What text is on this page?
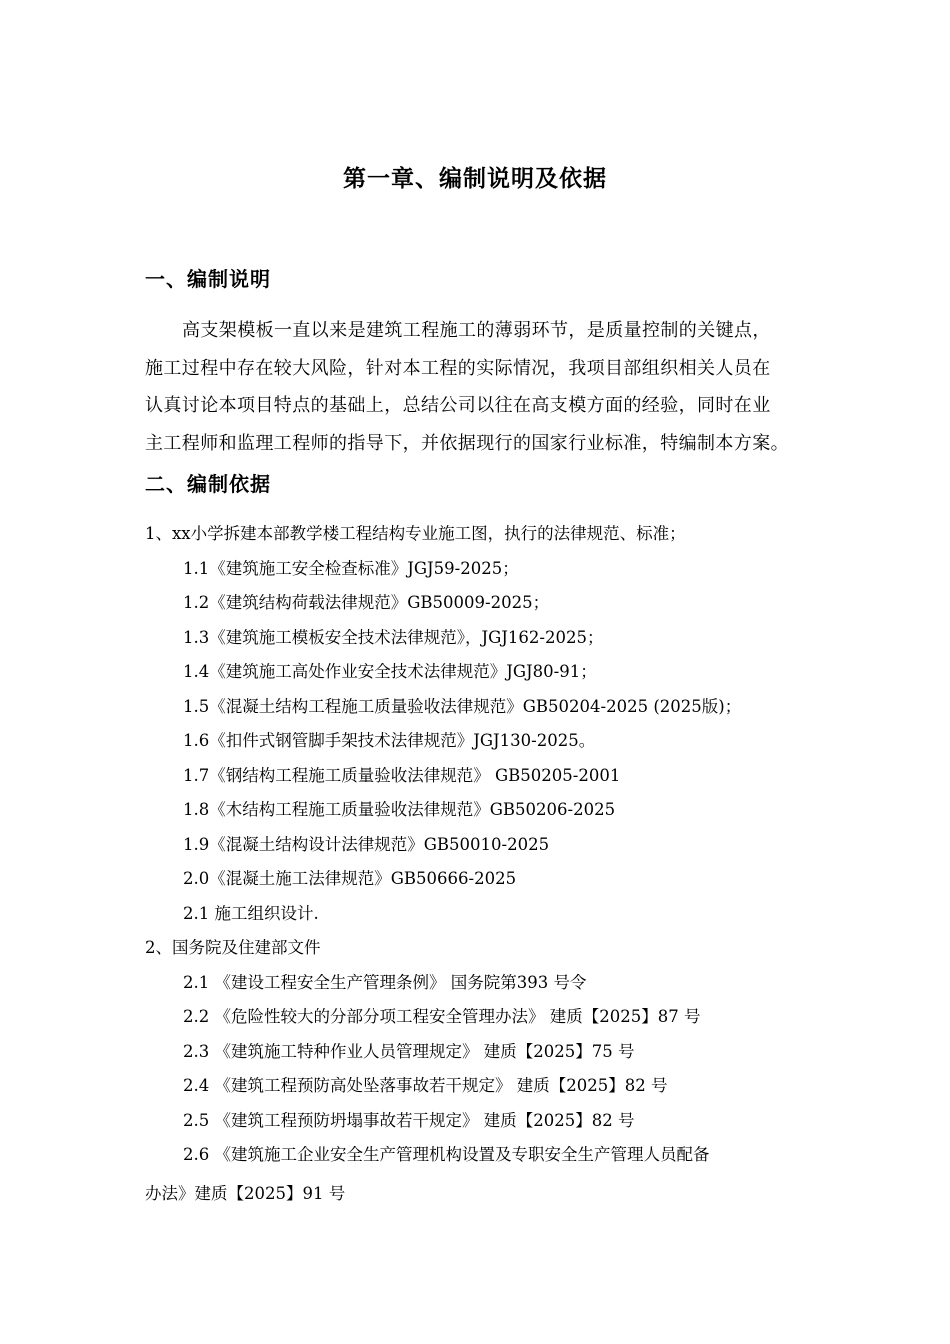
第一章、编制说明及依据
一、编制说明
高支架模板一直以来是建筑工程施工的薄弱环节，是质量控制的关键点，
施工过程中存在较大风险，针对本工程的实际情况，我项目部组织相关人员在
认真讨论本项目特点的基础上，总结公司以往在高支模方面的经验，同时在业
主工程师和监理工程师的指导下，并依据现行的国家行业标准，特编制本方案。
二、编制依据
1、xx小学拆建本部教学楼工程结构专业施工图，执行的法律规范、标准；
1.1《建筑施工安全检查标准》JGJ59-2025；
1.2《建筑结构荷载法律规范》GB50009-2025；
1.3《建筑施工模板安全技术法律规范》，JGJ162-2025；
1.4《建筑施工高处作业安全技术法律规范》JGJ80-91；
1.5《混凝土结构工程施工质量验收法律规范》GB50204-2025 (2025版)；
1.6《扣件式钢管脚手架技术法律规范》JGJ130-2025。
1.7《钢结构工程施工质量验收法律规范》 GB50205-2001
1.8《木结构工程施工质量验收法律规范》GB50206-2025
1.9《混凝土结构设计法律规范》GB50010-2025
2.0《混凝土施工法律规范》GB50666-2025
2.1 施工组织设计.
2、国务院及住建部文件
2.1 《建设工程安全生产管理条例》 国务院第393 号令
2.2 《危险性较大的分部分项工程安全管理办法》 建质【2025】87 号
2.3 《建筑施工特种作业人员管理规定》 建质【2025】75 号
2.4 《建筑工程预防高处坠落事故若干规定》 建质【2025】82 号
2.5 《建筑工程预防坍塌事故若干规定》 建质【2025】82 号
2.6 《建筑施工企业安全生产管理机构设置及专职安全生产管理人员配备
办法》建质【2025】91 号
